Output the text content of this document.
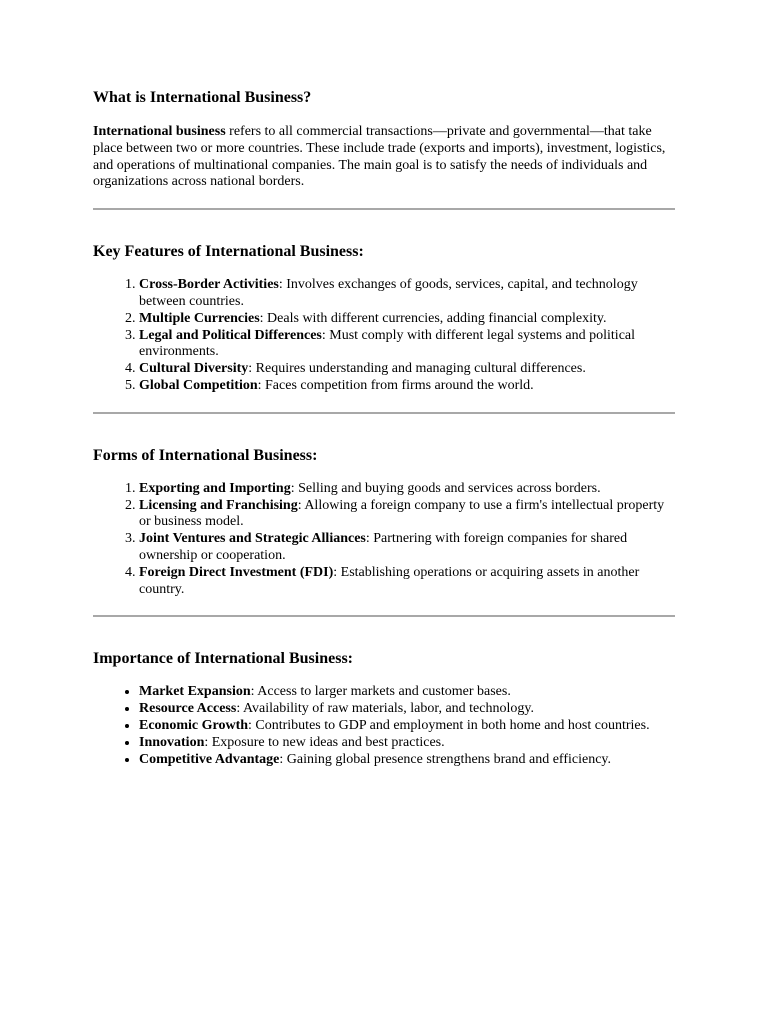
What is International Business?

International business refers to all commercial transactions—private and governmental—that take place between two or more countries. These include trade (exports and imports), investment, logistics, and operations of multinational companies. The main goal is to satisfy the needs of individuals and organizations across national borders.

Key Features of International Business:
1. Cross-Border Activities: Involves exchanges of goods, services, capital, and technology between countries.
2. Multiple Currencies: Deals with different currencies, adding financial complexity.
3. Legal and Political Differences: Must comply with different legal systems and political environments.
4. Cultural Diversity: Requires understanding and managing cultural differences.
5. Global Competition: Faces competition from firms around the world.
Forms of International Business:
1. Exporting and Importing: Selling and buying goods and services across borders.
2. Licensing and Franchising: Allowing a foreign company to use a firm's intellectual property or business model.
3. Joint Ventures and Strategic Alliances: Partnering with foreign companies for shared ownership or cooperation.
4. Foreign Direct Investment (FDI): Establishing operations or acquiring assets in another country.
Importance of International Business:
• Market Expansion: Access to larger markets and customer bases.
• Resource Access: Availability of raw materials, labor, and technology.
• Economic Growth: Contributes to GDP and employment in both home and host countries.
• Innovation: Exposure to new ideas and best practices.
• Competitive Advantage: Gaining global presence strengthens brand and efficiency.
